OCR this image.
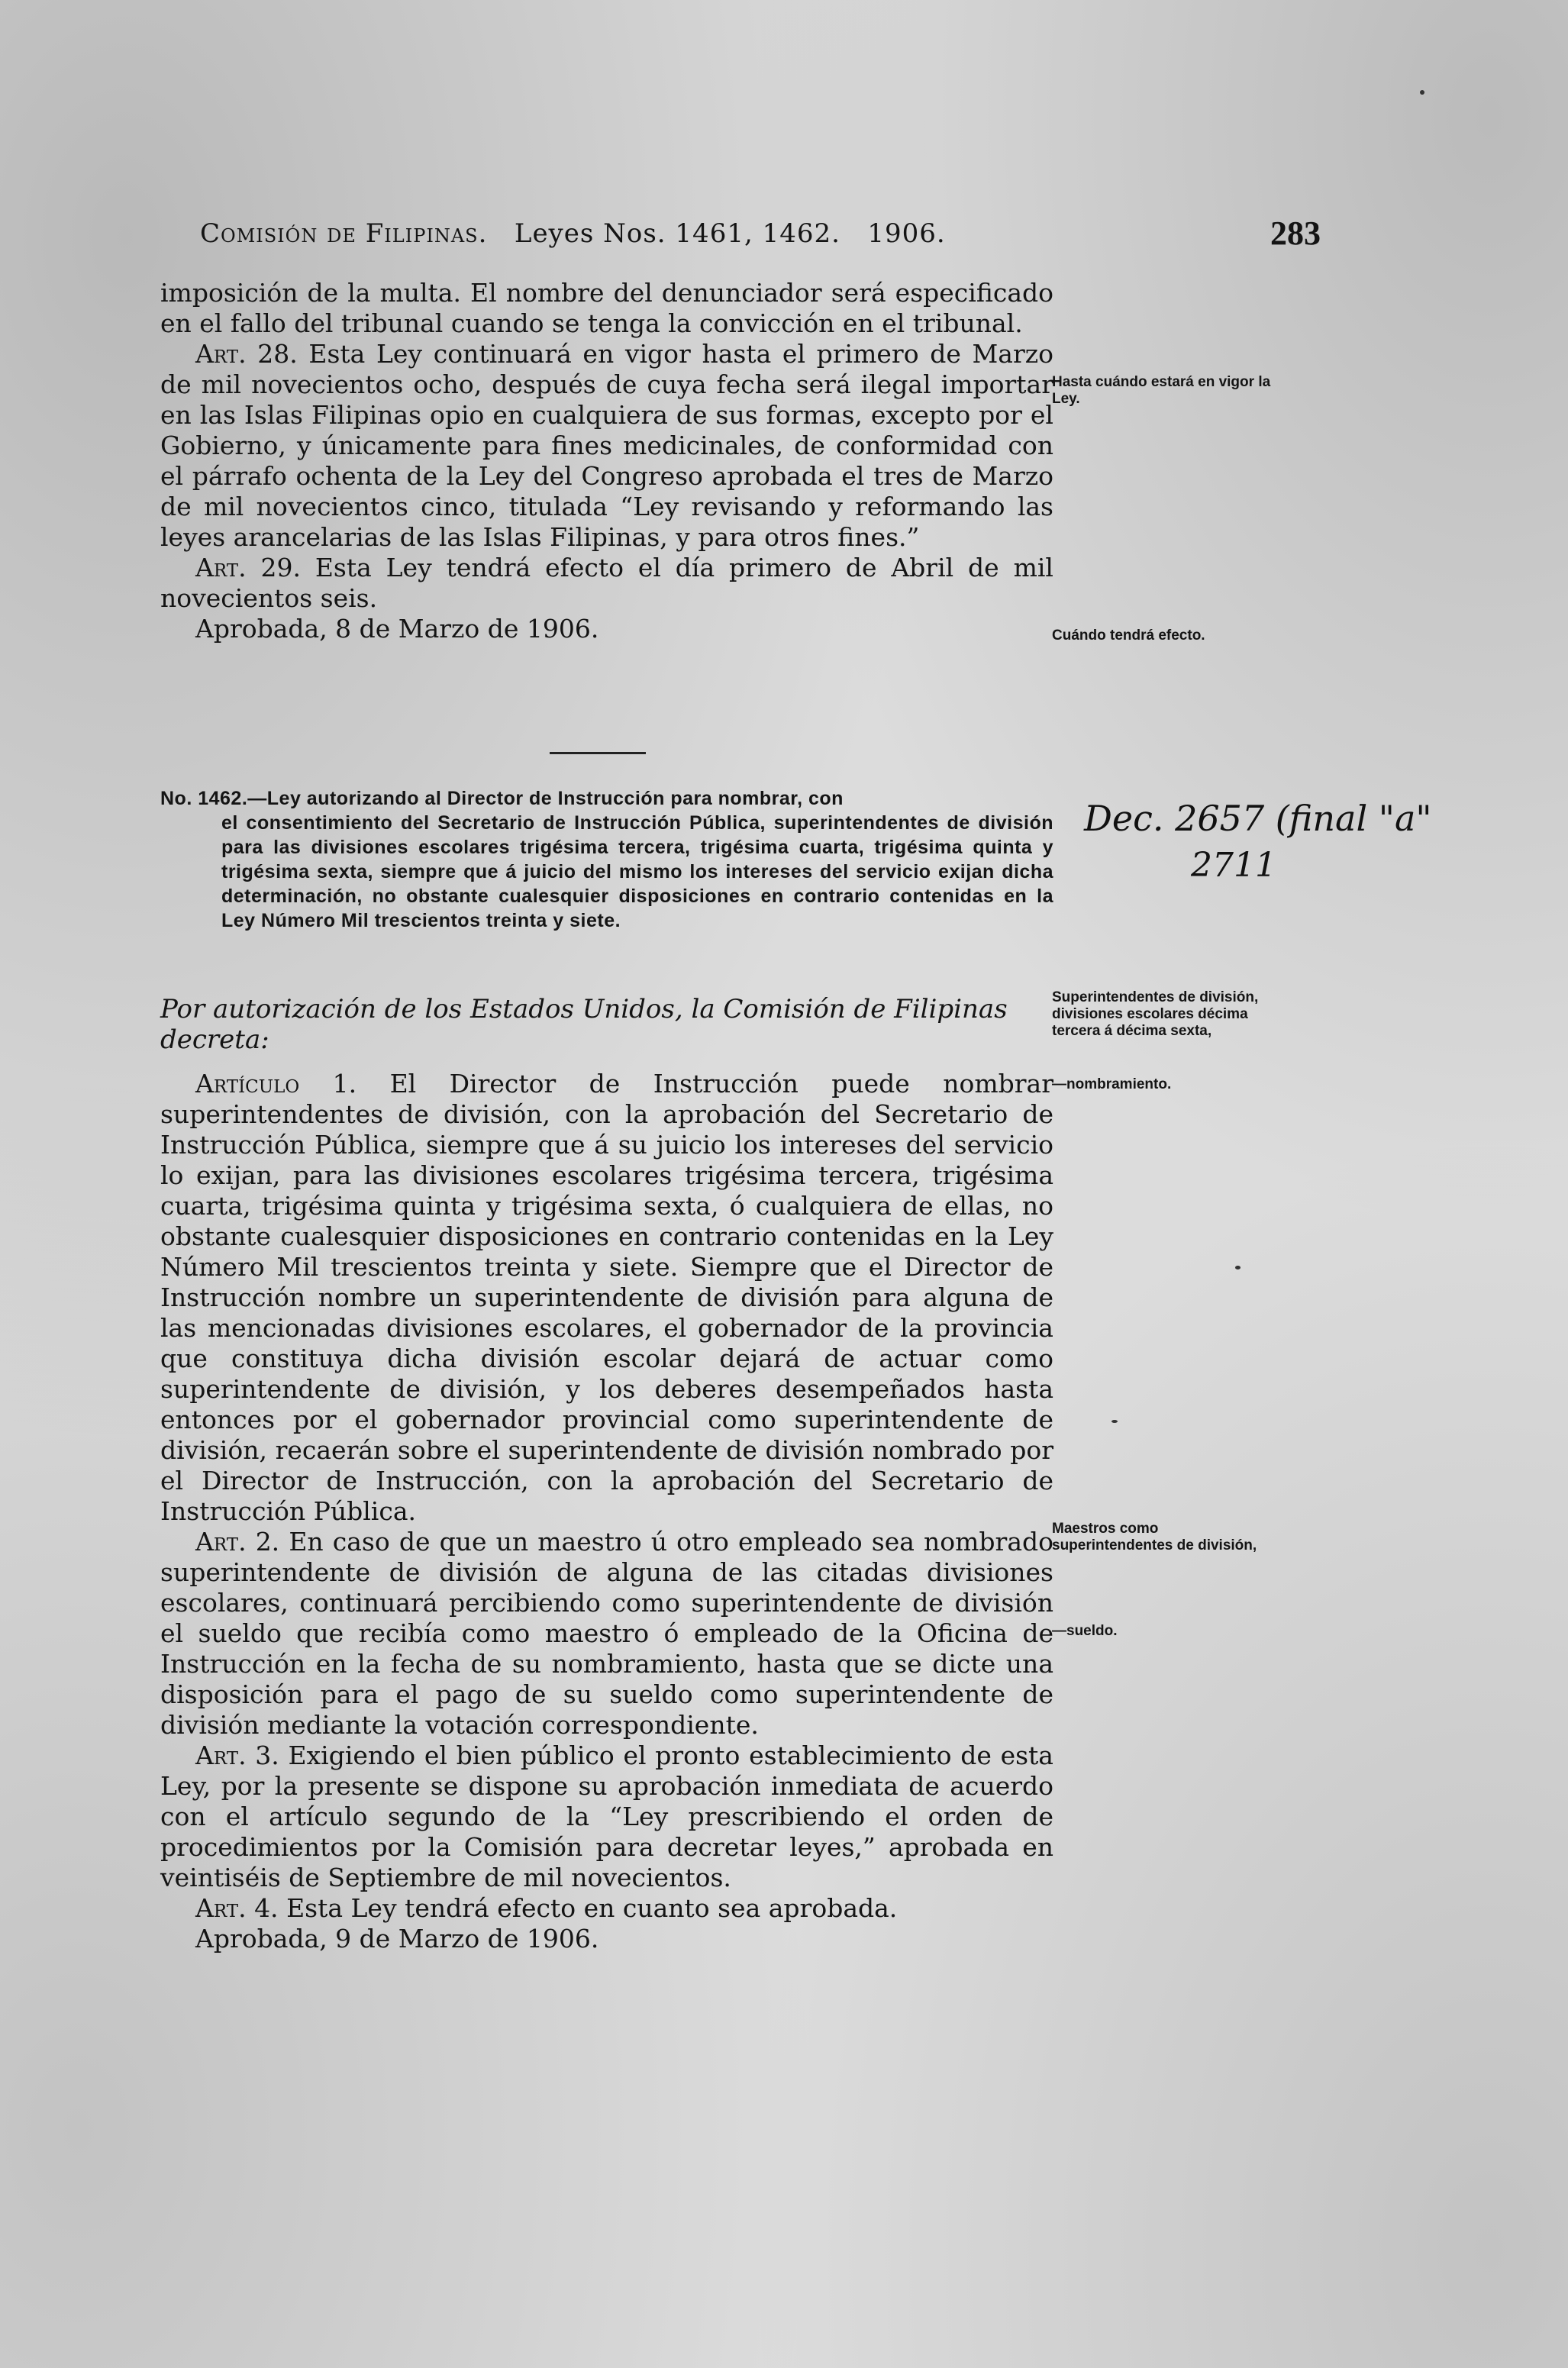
Comisión de Filipinas. Leyes Nos. 1461, 1462. 1906.	283

imposición de la multa. El nombre del denunciador será especificado en el fallo del tribunal cuando se tenga la convicción en el tribunal.

Art. 28. Esta Ley continuará en vigor hasta el primero de Marzo de mil novecientos ocho, después de cuya fecha será ilegal importar en las Islas Filipinas opio en cualquiera de sus formas, excepto por el Gobierno, y únicamente para fines medicinales, de conformidad con el párrafo ochenta de la Ley del Congreso aprobada el tres de Marzo de mil novecientos cinco, titulada “Ley revisando y reformando las leyes arancelarias de las Islas Filipinas, y para otros fines.”

Art. 29. Esta Ley tendrá efecto el día primero de Abril de mil novecientos seis.

Aprobada, 8 de Marzo de 1906.

Hasta cuándo estará en vigor la Ley.
Cuándo tendrá efecto.
No. 1462.—Ley autorizando al Director de Instrucción para nombrar, con
el consentimiento del Secretario de Instrucción Pública, superintendentes de división para las divisiones escolares trigésima tercera, trigésima cuarta, trigésima quinta y trigésima sexta, siempre que á juicio del mismo los intereses del servicio exijan dicha determinación, no obstante cualesquier disposiciones en contrario contenidas en la Ley Número Mil trescientos treinta y siete.
Dec. 2657 (final "a"
2711
Por autorización de los Estados Unidos, la Comisión de Filipinas decreta:
Superintendentes de división, divisiones escolares décima tercera á décima sexta,
—nombramiento.

Artículo 1. El Director de Instrucción puede nombrar superintendentes de división, con la aprobación del Secretario de Instrucción Pública, siempre que á su juicio los intereses del servicio lo exijan, para las divisiones escolares trigésima tercera, trigésima cuarta, trigésima quinta y trigésima sexta, ó cualquiera de ellas, no obstante cualesquier disposiciones en contrario contenidas en la Ley Número Mil trescientos treinta y siete. Siempre que el Director de Instrucción nombre un superintendente de división para alguna de las mencionadas divisiones escolares, el gobernador de la provincia que constituya dicha división escolar dejará de actuar como superintendente de división, y los deberes desempeñados hasta entonces por el gobernador provincial como superintendente de división, recaerán sobre el superintendente de división nombrado por el Director de Instrucción, con la aprobación del Secretario de Instrucción Pública.

Art. 2. En caso de que un maestro ú otro empleado sea nombrado superintendente de división de alguna de las citadas divisiones escolares, continuará percibiendo como superintendente de división el sueldo que recibía como maestro ó empleado de la Oficina de Instrucción en la fecha de su nombramiento, hasta que se dicte una disposición para el pago de su sueldo como superintendente de división mediante la votación correspondiente.

Art. 3. Exigiendo el bien público el pronto establecimiento de esta Ley, por la presente se dispone su aprobación inmediata de acuerdo con el artículo segundo de la “Ley prescribiendo el orden de procedimientos por la Comisión para decretar leyes,” aprobada en veintiséis de Septiembre de mil novecientos.

Art. 4. Esta Ley tendrá efecto en cuanto sea aprobada.

Aprobada, 9 de Marzo de 1906.

Maestros como superintendentes de división,
—sueldo.
